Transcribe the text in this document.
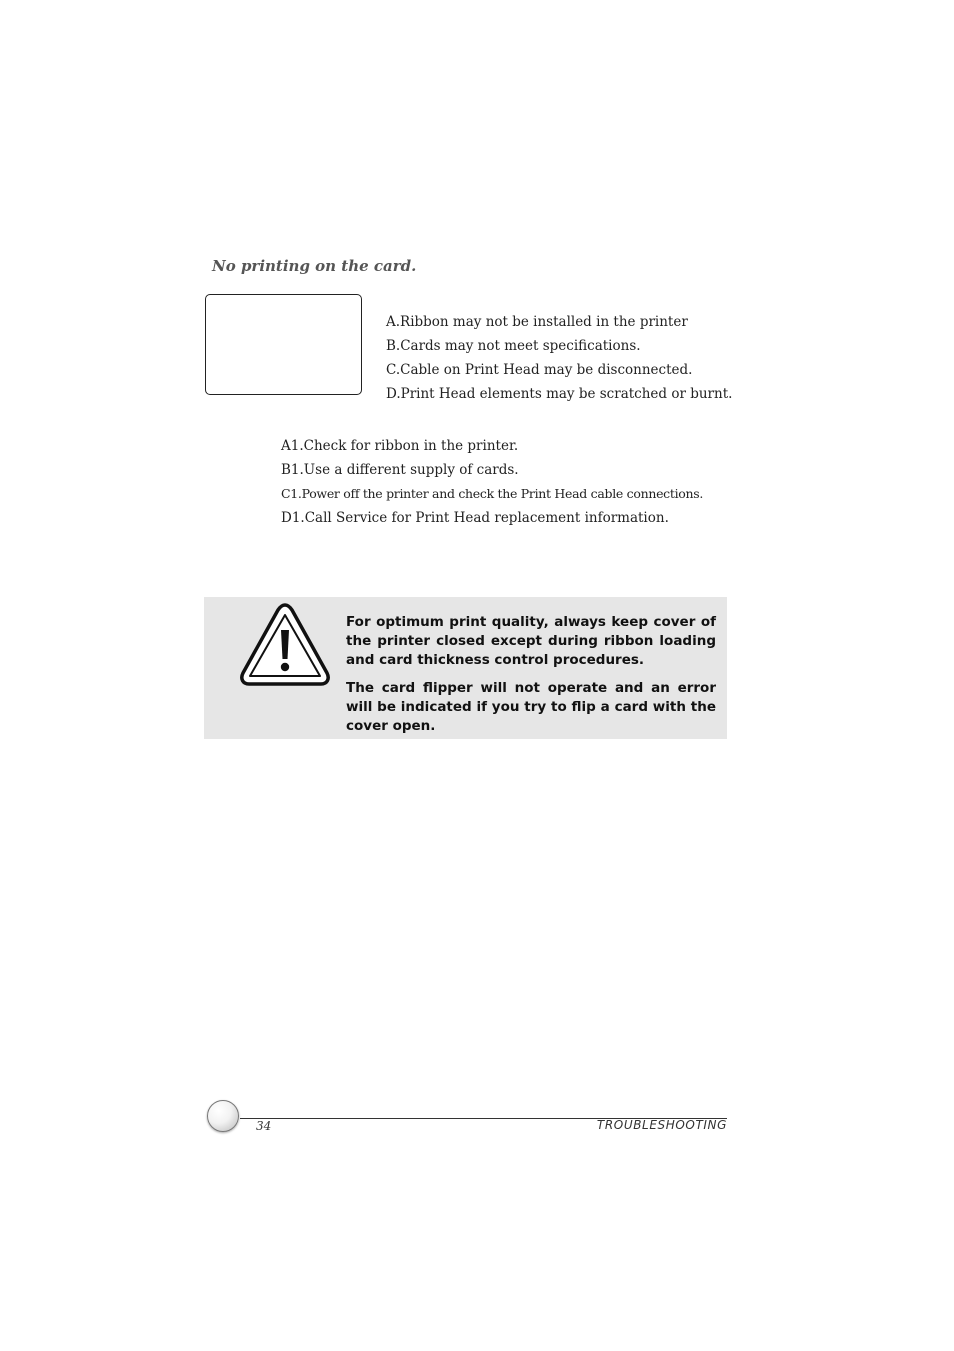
No printing on the card.
A.Ribbon may not be installed in the printer
B.Cards may not meet specifications.
C.Cable on Print Head may be disconnected.
D.Print Head elements may be scratched or burnt.
A1.Check for ribbon in the printer.
B1.Use a different supply of cards.
C1.Power off the printer and check the Print Head cable connections.
D1.Call Service for Print Head replacement information.

For optimum print quality, always keep cover of the printer closed except during ribbon loading and card thickness control procedures.

The card flipper will not operate and an error will be indicated if you try to flip a card with the cover open.

34	TROUBLESHOOTING
